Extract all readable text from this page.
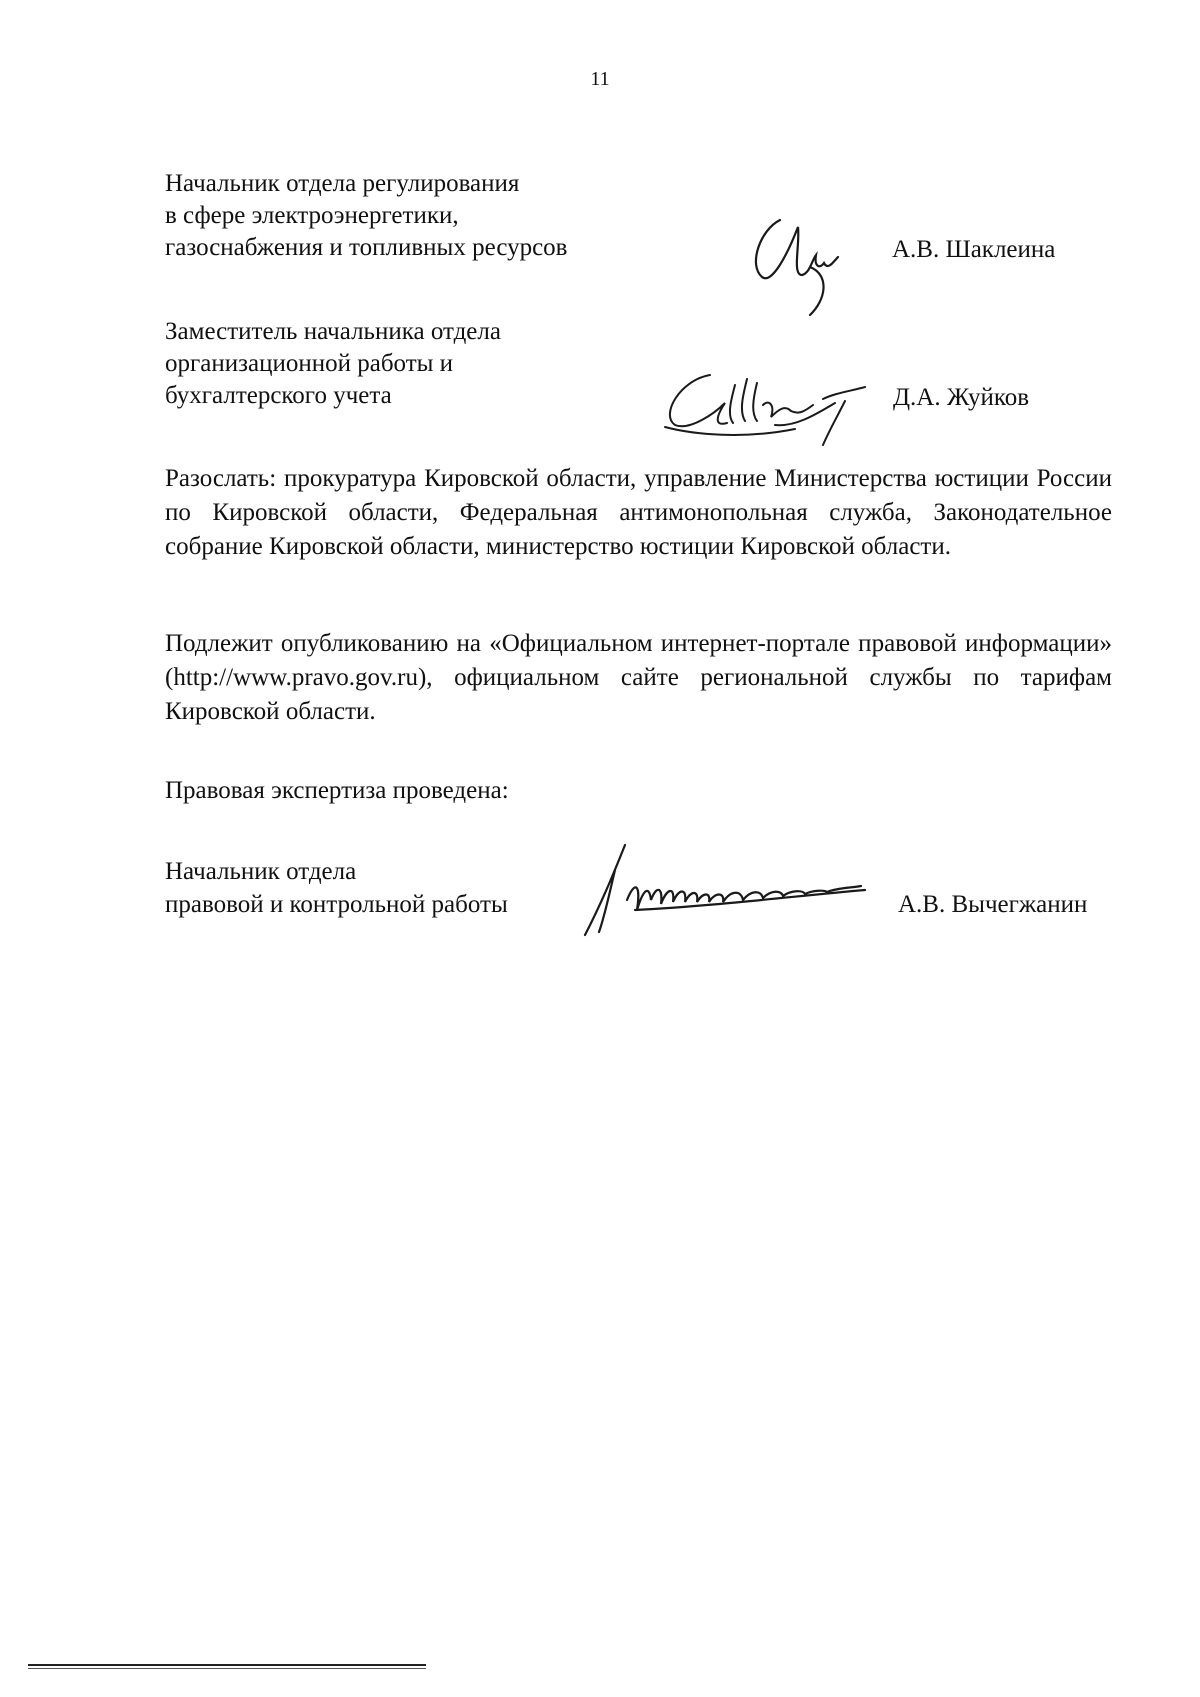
11
Начальник отдела регулирования
в сфере электроэнергетики,
газоснабжения и топливных ресурсов	А.В. Шаклеина
Заместитель начальника отдела
организационной работы и
бухгалтерского учета	Д.А. Жуйков
Разослать: прокуратура Кировской области, управление Министерства юстиции России по Кировской области, Федеральная антимонопольная служба, Законодательное собрание Кировской области, министерство юстиции Кировской области.
Подлежит опубликованию на «Официальном интернет-портале правовой информации» (http://www.pravo.gov.ru), официальном сайте региональной службы по тарифам Кировской области.
Правовая экспертиза проведена:
Начальник отдела
правовой и контрольной работы	А.В. Вычегжанин
